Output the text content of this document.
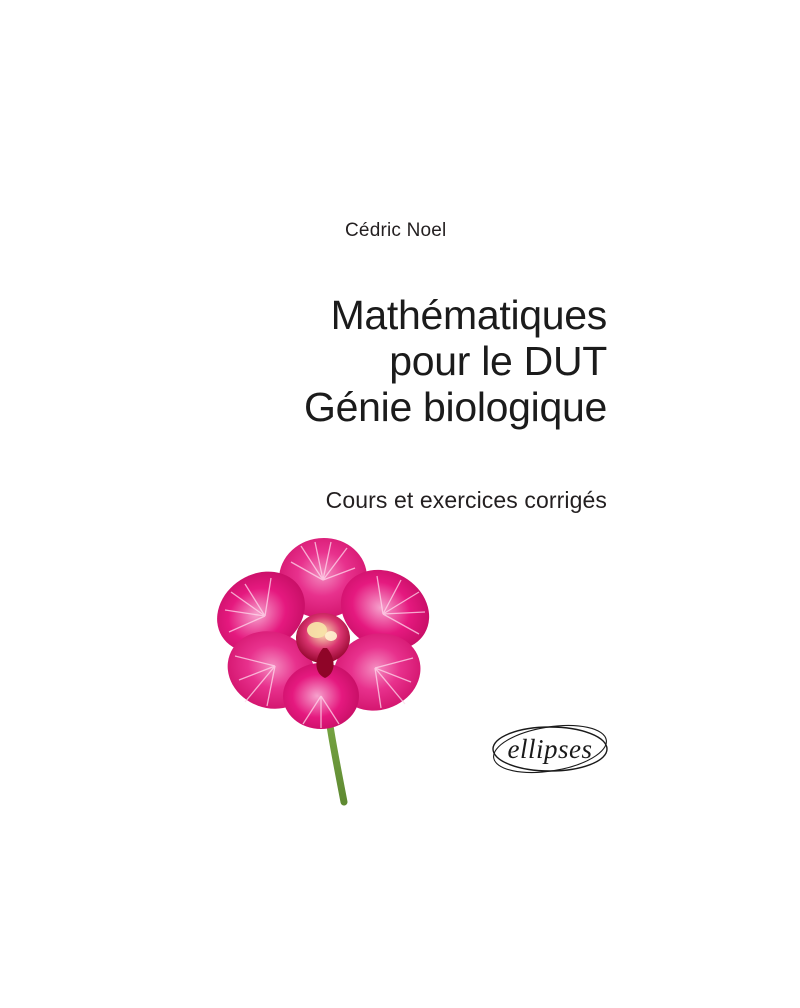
Cédric Noel
Mathématiques
pour le DUT
Génie biologique
Cours et exercices corrigés
ellipses
